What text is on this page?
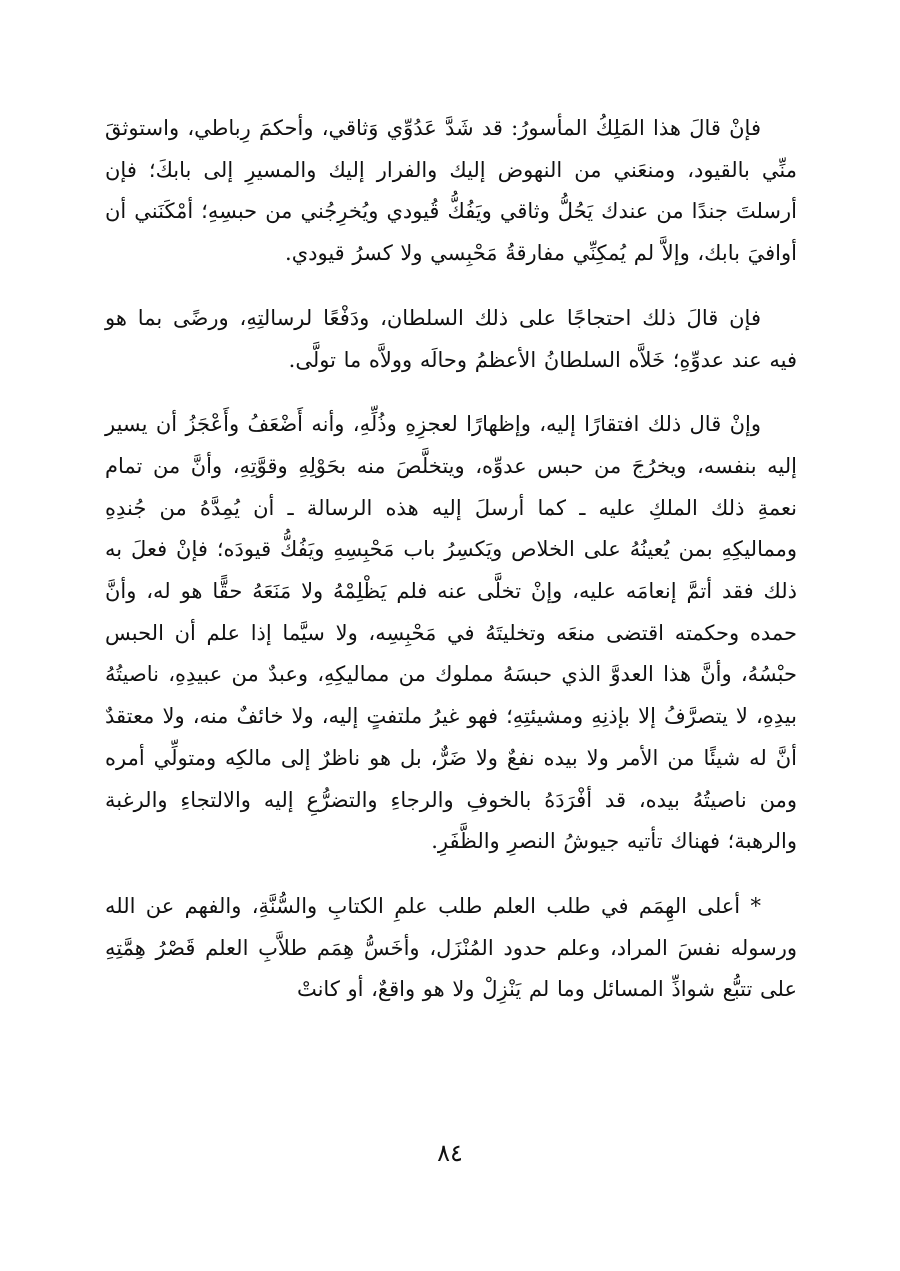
فإنْ قالَ هذا المَلِكُ المأسورُ: قد شَدَّ عَدُوِّي وَثاقي، وأحكمَ رِباطي، واستوثقَ منِّي بالقيود، ومنعَني من النهوض إليك والفرار إليك والمسيرِ إلى بابكَ؛ فإن أرسلتَ جندًا من عندك يَحُلُّ وثاقي ويَفُكُّ قُيودي ويُخرِجُني من حبسِهِ؛ أمْكَنَني أن أوافيَ بابك، وإلاَّ لم يُمكِنِّي مفارقةُ مَحْبِسي ولا كسرُ قيودي.

فإن قالَ ذلك احتجاجًا على ذلك السلطان، ودَفْعًا لرسالتِهِ، ورضًى بما هو فيه عند عدوِّهِ؛ خَلاَّه السلطانُ الأعظمُ وحالَه وولاَّه ما تولَّى.

وإنْ قال ذلك افتقارًا إليه، وإظهارًا لعجزِهِ وذُلِّهِ، وأنه أَضْعَفُ وأَعْجَزُ أن يسير إليه بنفسه، ويخرُجَ من حبس عدوِّه، ويتخلَّصَ منه بحَوْلِهِ وقوَّتِهِ، وأنَّ من تمام نعمةِ ذلك الملكِ عليه ـ كما أرسلَ إليه هذه الرسالة ـ أن يُمِدَّهُ من جُندِهِ ومماليكِهِ بمن يُعينُهُ على الخلاص ويَكسِرُ باب مَحْبِسِهِ ويَفُكُّ قيودَه؛ فإنْ فعلَ به ذلك فقد أتمَّ إنعامَه عليه، وإنْ تخلَّى عنه فلم يَظْلِمْهُ ولا مَنَعَهُ حقًّا هو له، وأنَّ حمده وحكمته اقتضى منعَه وتخليتَهُ في مَحْبِسِه، ولا سيَّما إذا علم أن الحبس حبْسُهُ، وأنَّ هذا العدوَّ الذي حبسَهُ مملوك من مماليكِهِ، وعبدٌ من عبيدِهِ، ناصيتُهُ بيدِهِ، لا يتصرَّفُ إلا بإذنِهِ ومشيئتِهِ؛ فهو غيرُ ملتفتٍ إليه، ولا خائفٌ منه، ولا معتقدٌ أنَّ له شيئًا من الأمر ولا بيده نفعٌ ولا ضَرٌّ، بل هو ناظرٌ إلى مالكِه ومتولِّي أمره ومن ناصيتُهُ بيده، قد أفْرَدَهُ بالخوفِ والرجاءِ والتضرُّعِ إليه والالتجاءِ والرغبة والرهبة؛ فهناك تأتيه جيوشُ النصرِ والظَّفَرِ.

* أعلى الهِمَم في طلب العلم طلب علمِ الكتابِ والسُّنَّةِ، والفهم عن الله ورسوله نفسَ المراد، وعلم حدود المُنْزَل، وأخَسُّ هِمَم طلاَّبِ العلم قَصْرُ هِمَّتِهِ على تتبُّع شواذِّ المسائل وما لم يَنْزِلْ ولا هو واقعٌ، أو كانتْ

٨٤
